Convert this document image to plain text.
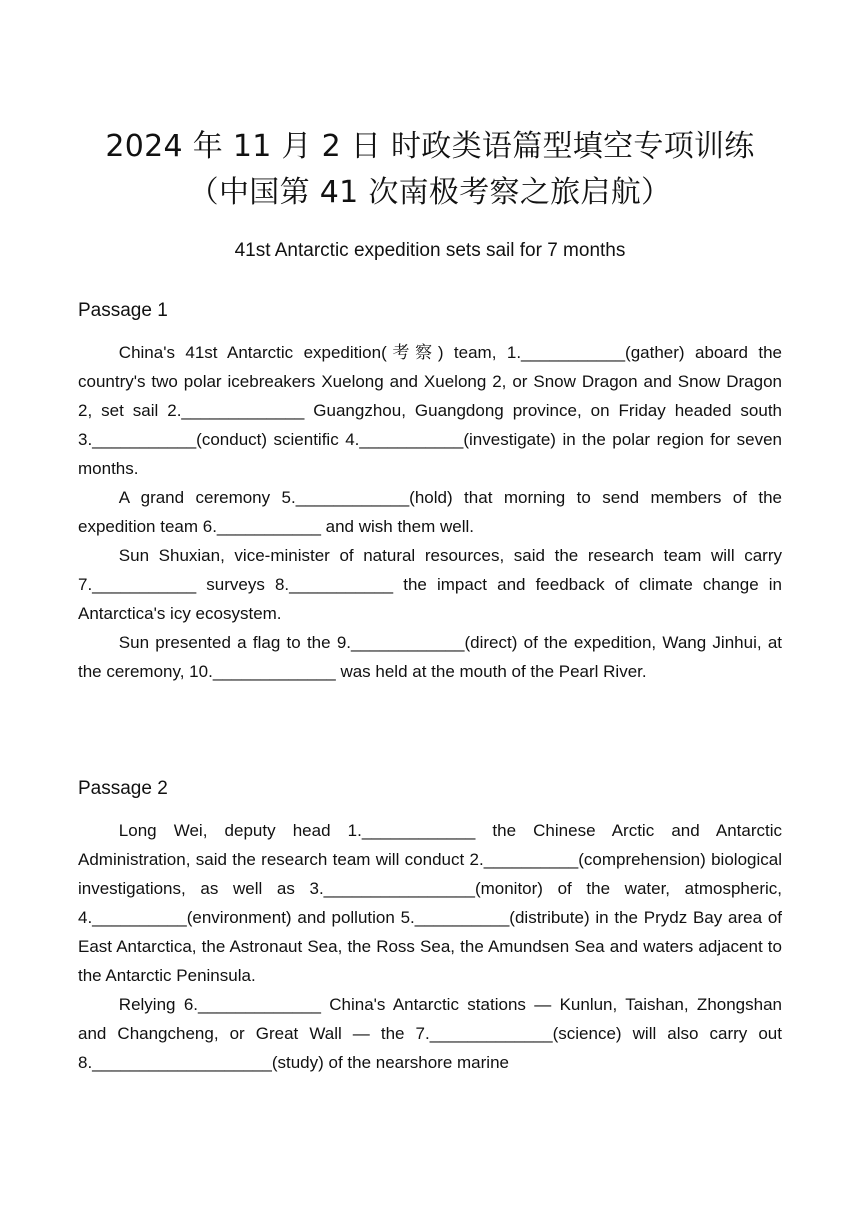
2024 年 11 月 2 日 时政类语篇型填空专项训练（中国第 41 次南极考察之旅启航）
41st Antarctic expedition sets sail for 7 months
Passage 1

China's 41st Antarctic expedition(考察) team, 1.___________(gather) aboard the country's two polar icebreakers Xuelong and Xuelong 2, or Snow Dragon and Snow Dragon 2, set sail 2._____________ Guangzhou, Guangdong province, on Friday headed south 3.___________(conduct) scientific 4.___________(investigate) in the polar region for seven months.

A grand ceremony 5.____________(hold) that morning to send members of the expedition team 6.___________ and wish them well.

Sun Shuxian, vice-minister of natural resources, said the research team will carry 7.___________ surveys 8.___________ the impact and feedback of climate change in Antarctica's icy ecosystem.

Sun presented a flag to the 9.____________(direct) of the expedition, Wang Jinhui, at the ceremony, 10._____________ was held at the mouth of the Pearl River.

Passage 2

Long Wei, deputy head 1.____________ the Chinese Arctic and Antarctic Administration, said the research team will conduct 2.__________(comprehension) biological investigations, as well as 3.________________(monitor) of the water, atmospheric, 4.__________(environment) and pollution 5.__________(distribute) in the Prydz Bay area of East Antarctica, the Astronaut Sea, the Ross Sea, the Amundsen Sea and waters adjacent to the Antarctic Peninsula.

Relying 6._____________ China's Antarctic stations — Kunlun, Taishan, Zhongshan and Changcheng, or Great Wall — the 7._____________(science) will also carry out 8.___________________(study) of the nearshore marine
